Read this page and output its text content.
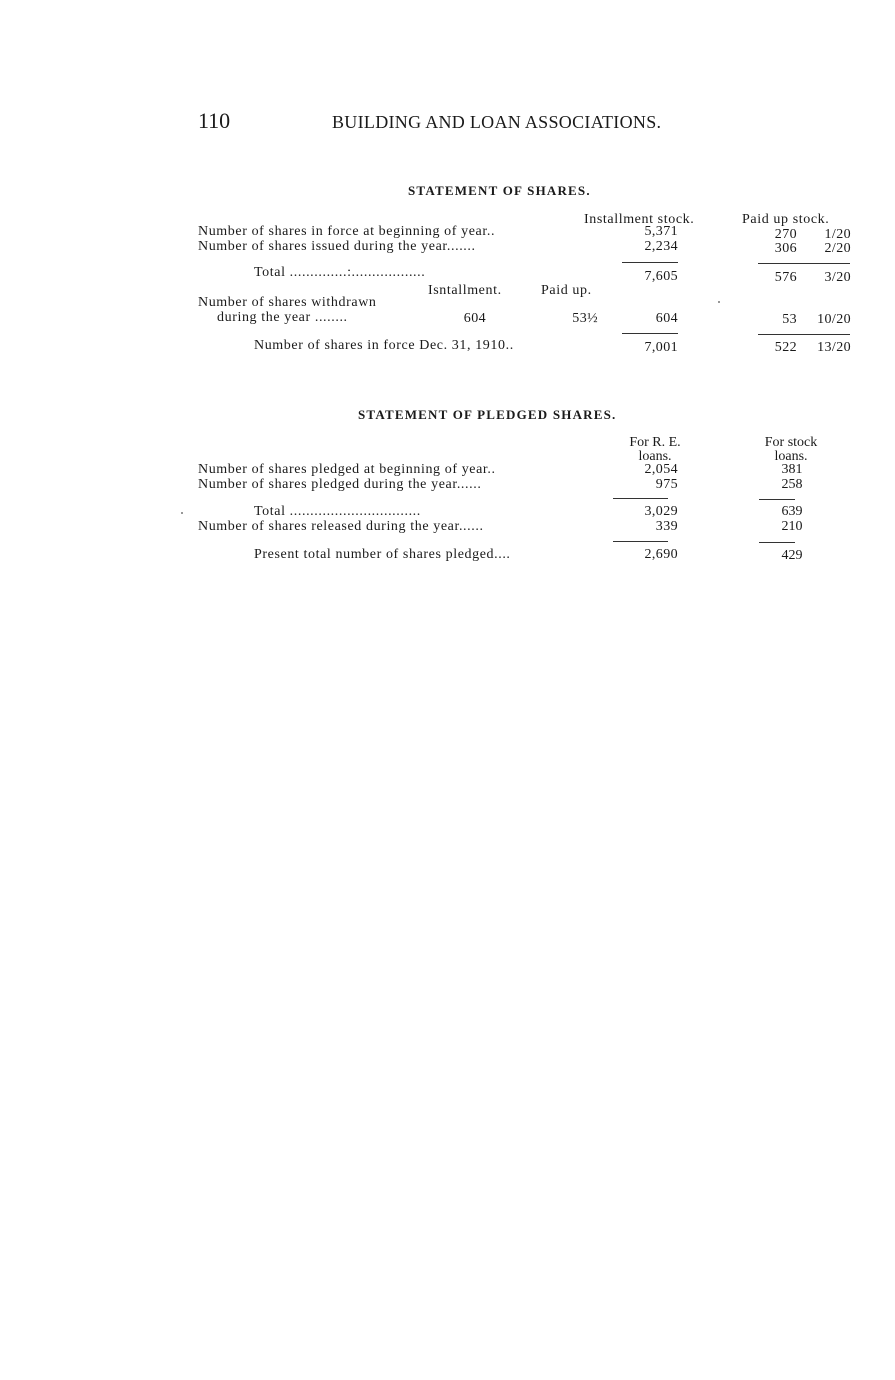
110	BUILDING AND LOAN ASSOCIATIONS.
STATEMENT OF SHARES.
Installment stock.	Paid up stock.
Number of shares in force at beginning of year..	5,371	270	1/20
Number of shares issued during the year.......	2,234	306	2/20
Total ..............:..................	7,605	576	3/20
Isntallment.	Paid up.
Number of shares withdrawn
during the year ........	604	53½	604	53	10/20
Number of shares in force Dec. 31, 1910..	7,001	522	13/20
STATEMENT OF PLEDGED SHARES.
For R. E.
loans.
For stock
loans.
Number of shares pledged at beginning of year..	2,054	381
Number of shares pledged during the year......	975	258
Total ................................	3,029	639
Number of shares released during the year......	339	210
Present total number of shares pledged....	2,690	429
